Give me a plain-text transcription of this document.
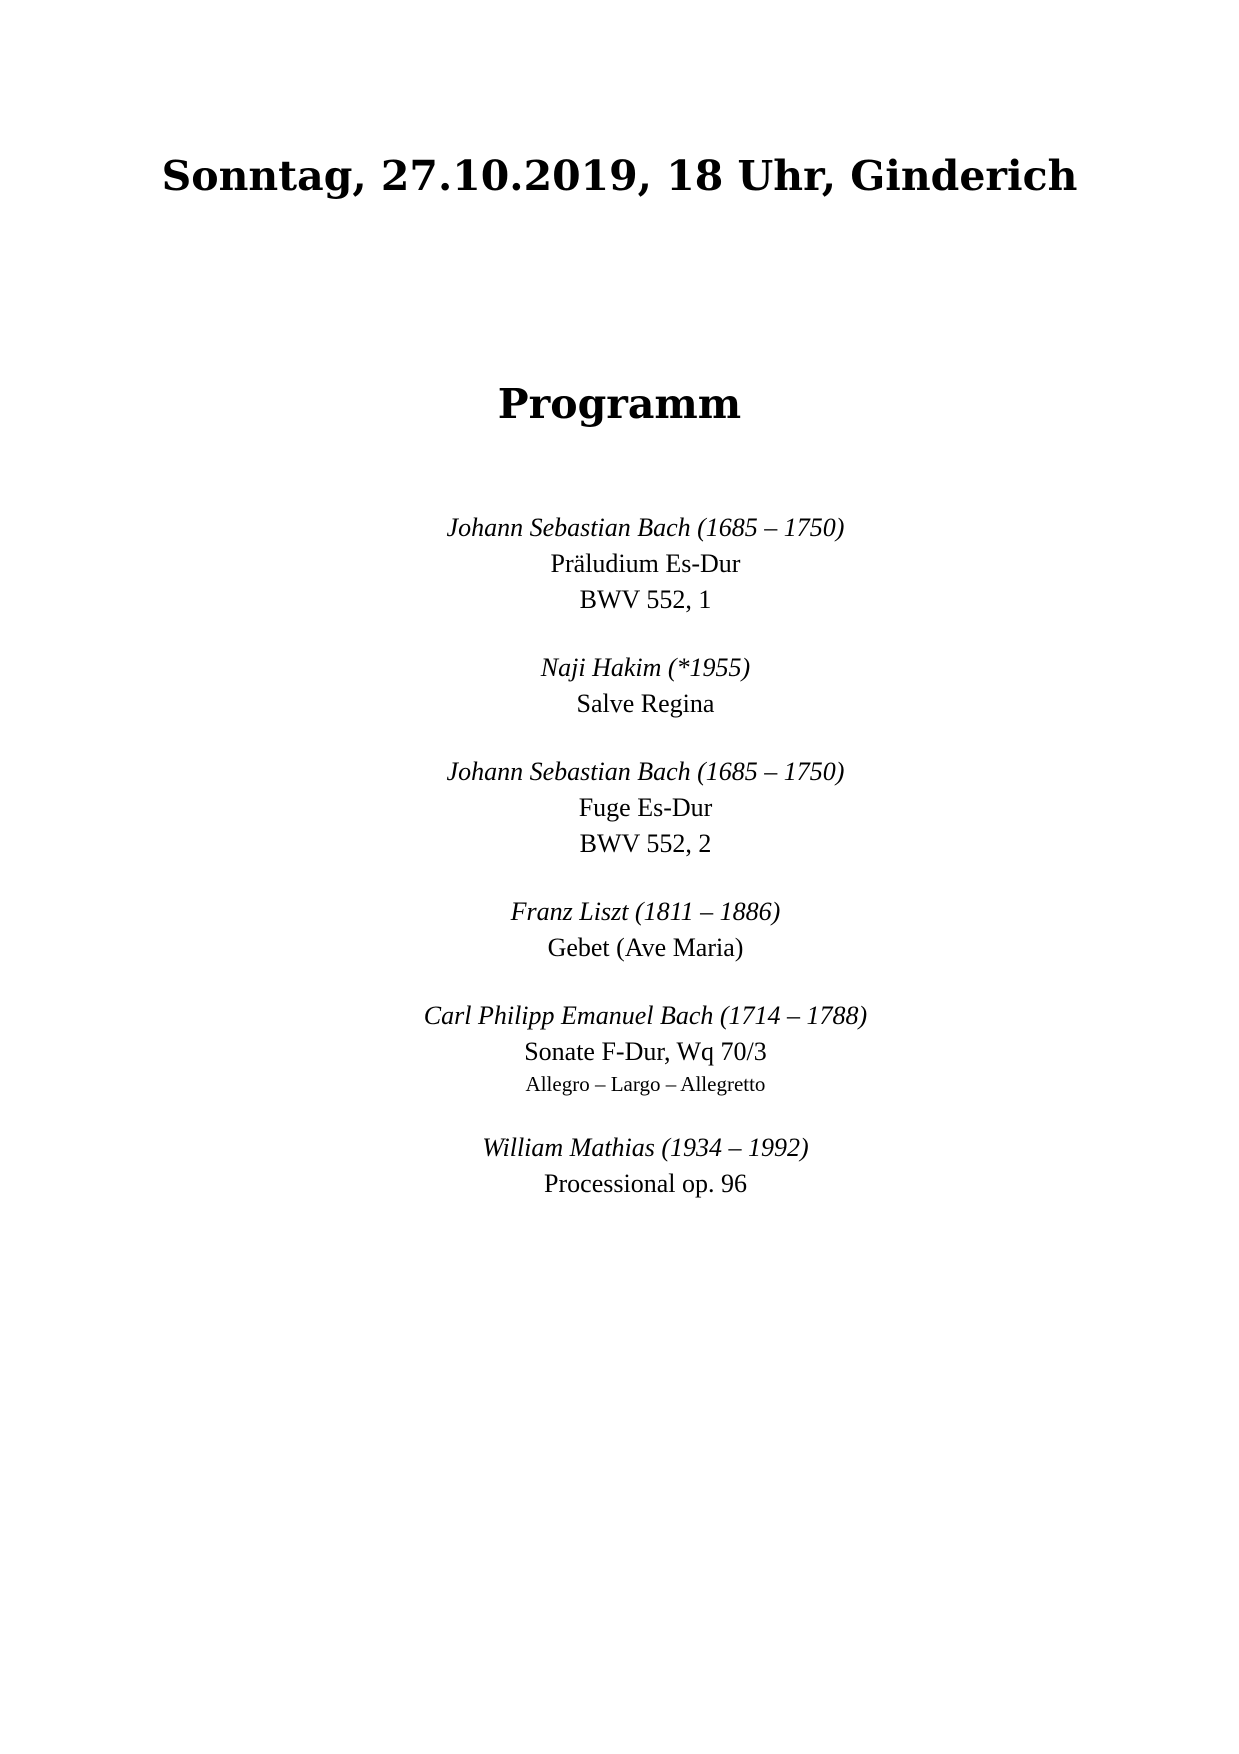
Sonntag, 27.10.2019, 18 Uhr, Ginderich
Programm
Johann Sebastian Bach (1685 – 1750)
Präludium Es-Dur
BWV 552, 1
Naji Hakim (*1955)
Salve Regina
Johann Sebastian Bach (1685 – 1750)
Fuge Es-Dur
BWV 552, 2
Franz Liszt (1811 – 1886)
Gebet (Ave Maria)
Carl Philipp Emanuel Bach (1714 – 1788)
Sonate F-Dur, Wq 70/3
Allegro – Largo – Allegretto
William Mathias (1934 – 1992)
Processional op. 96
